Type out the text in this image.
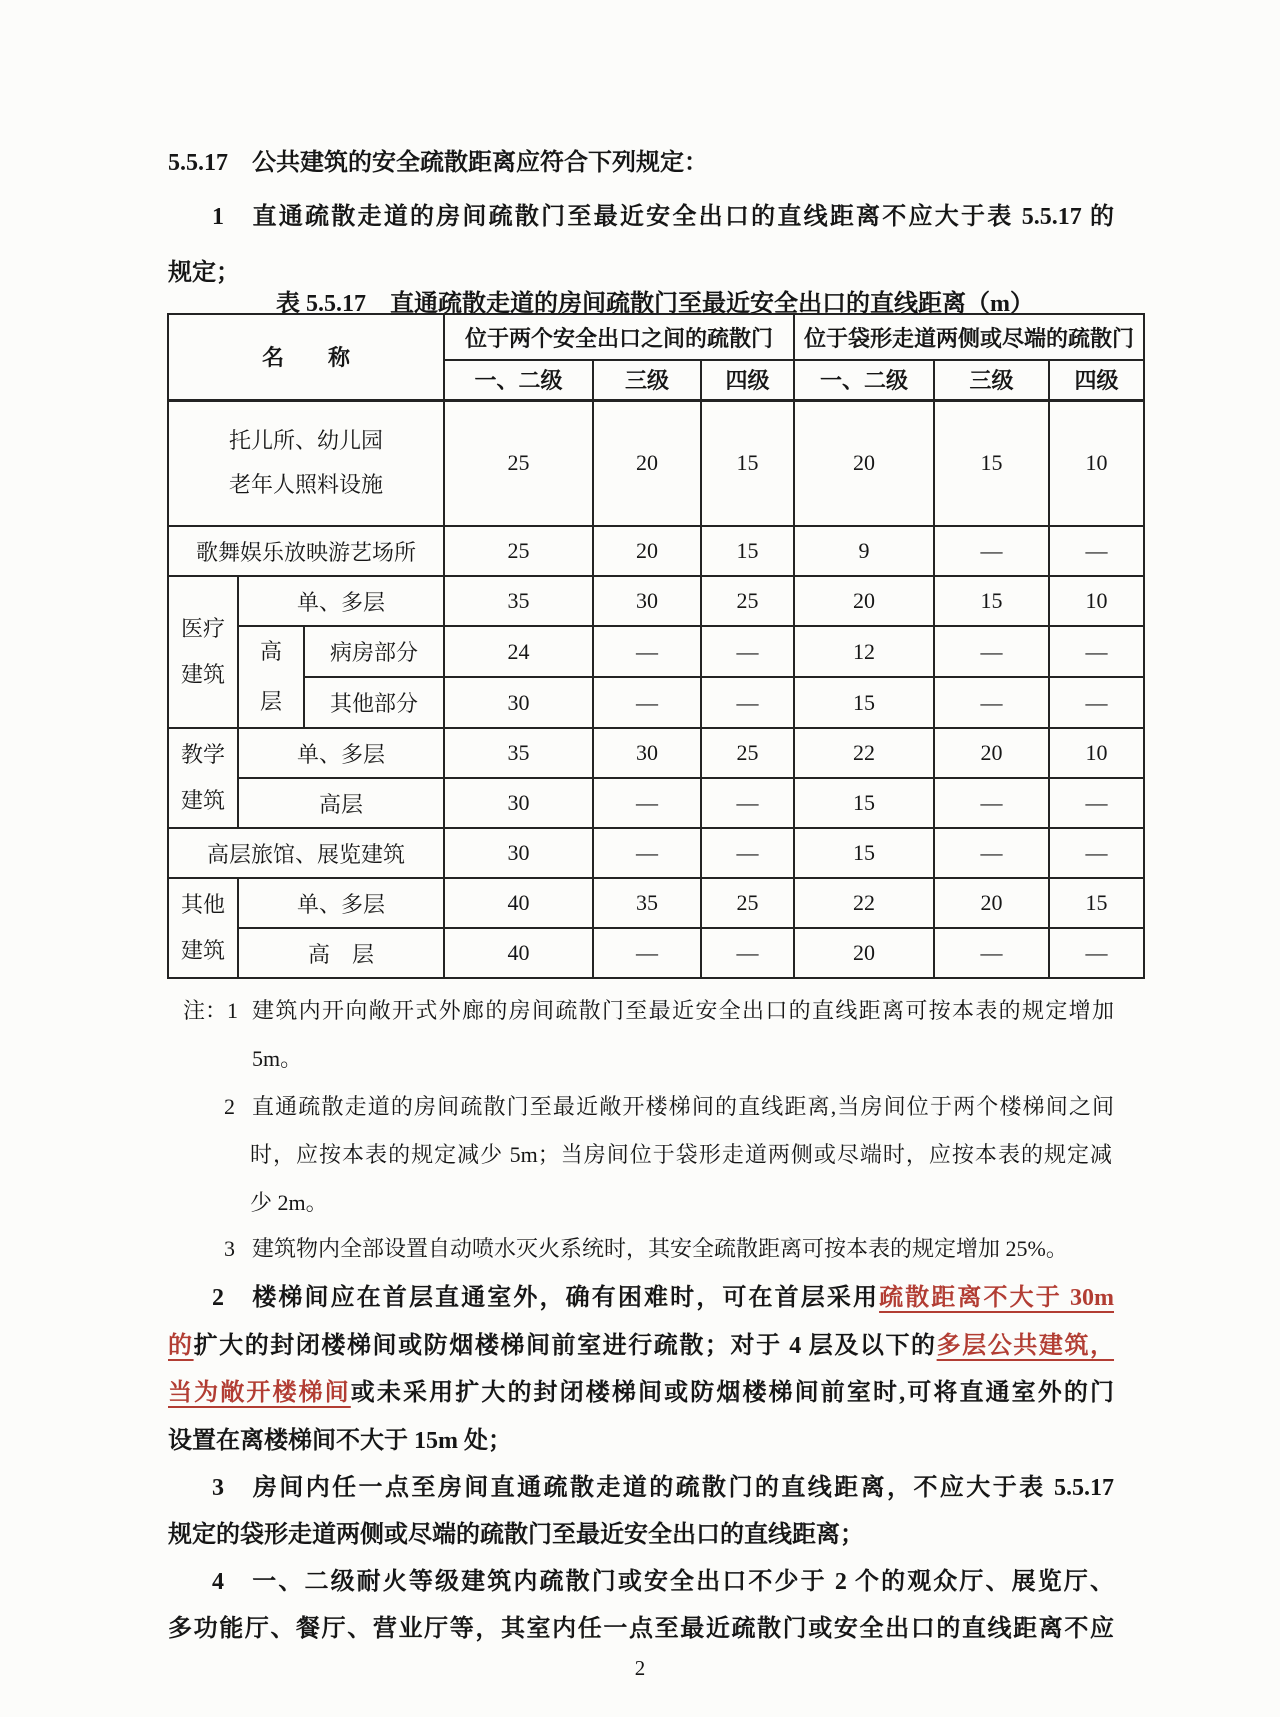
5.5.17　公共建筑的安全疏散距离应符合下列规定：
1　直通疏散走道的房间疏散门至最近安全出口的直线距离不应大于表 5.5.17 的
规定；
表 5.5.17　直通疏散走道的房间疏散门至最近安全出口的直线距离（m）
名　　称			位于两个安全出口之间的疏散门			位于袋形走道两侧或尽端的疏散门		
			一、二级	三级	四级	一、二级	三级	四级

托儿所、幼儿园
老年人照料设施			25	20	15	20	15	10
歌舞娱乐放映游艺场所			25	20	15	9	—	—
医疗建筑	单、多层		35	30	25	20	15	10
	高层	病房部分	24	—	—	12	—	—
		其他部分	30	—	—	15	—	—
教学建筑	单、多层		35	30	25	22	20	10
	高层		30	—	—	15	—	—
高层旅馆、展览建筑			30	—	—	15	—	—
其他建筑	单、多层		40	35	25	22	20	15
	高　层		40	—	—	20	—	—
注：1 建筑内开向敞开式外廊的房间疏散门至最近安全出口的直线距离可按本表的规定增加
5m。
2 直通疏散走道的房间疏散门至最近敞开楼梯间的直线距离,当房间位于两个楼梯间之间
时，应按本表的规定减少 5m；当房间位于袋形走道两侧或尽端时，应按本表的规定减
少 2m。
3 建筑物内全部设置自动喷水灭火系统时，其安全疏散距离可按本表的规定增加 25%。
2　楼梯间应在首层直通室外，确有困难时，可在首层采用疏散距离不大于 30m
的扩大的封闭楼梯间或防烟楼梯间前室进行疏散；对于 4 层及以下的多层公共建筑，
当为敞开楼梯间或未采用扩大的封闭楼梯间或防烟楼梯间前室时,可将直通室外的门
设置在离楼梯间不大于 15m 处；
3　房间内任一点至房间直通疏散走道的疏散门的直线距离，不应大于表 5.5.17
规定的袋形走道两侧或尽端的疏散门至最近安全出口的直线距离；
4　一、二级耐火等级建筑内疏散门或安全出口不少于 2 个的观众厅、展览厅、
多功能厅、餐厅、营业厅等，其室内任一点至最近疏散门或安全出口的直线距离不应
2
